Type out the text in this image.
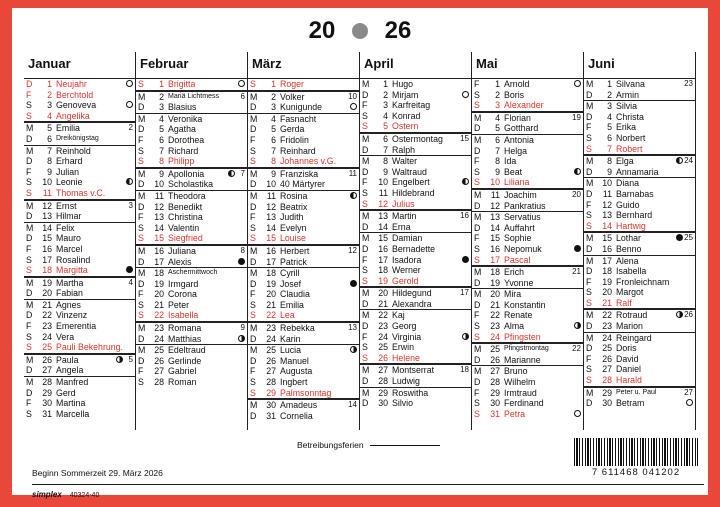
20 26
Januar
D	1 Neujahr
F	2 Berchtold
S	3 Genoveva
S	4 Angelika
M	5 Emilia	2
D	6 Dreikönigstag
M	7 Reinhold
D	8 Erhard
F	9 Julian
S	10 Leonie
S	11 Thomas v.C.
M	12 Ernst	3
D	13 Hilmar
M	14 Felix
D	15 Mauro
F	16 Marcel
S	17 Rosalind
S	18 Margitta
M	19 Martha	4
D	20 Fabian
M	21 Agnes
D	22 Vinzenz
F	23 Emerentia
S	24 Vera
S	25 Pauli Bekehrung.
M	26 Paula	5
D	27 Angela
M	28 Manfred
D	29 Gerd
F	30 Martina
S	31 Marcella
Februar
S	1 Brigitta
M	2 Mariä Lichtmess	6
D	3 Blasius
M	4 Veronika
D	5 Agatha
F	6 Dorothea
S	7 Richard
S	8 Philipp
M	9 Apollonia	7
D	10 Scholastika
M	11 Theodora
D	12 Benedikt
F	13 Christina
S	14 Valentin
S	15 Siegfried
M	16 Juliana	8
D	17 Alexis
M	18 Aschermittwoch
D	19 Irmgard
F	20 Corona
S	21 Peter
S	22 Isabella
M	23 Romana	9
D	24 Matthias
M	25 Edeltraud
D	26 Gerlinde
F	27 Gabriel
S	28 Roman
März
S	1 Roger
M	2 Volker	10
D	3 Kunigunde
M	4 Fasnacht
D	5 Gerda
F	6 Fridolin
S	7 Reinhard
S	8 Johannes v.G.
M	9 Franziska	11
D	10 40 Märtyrer
M	11 Rosina
D	12 Beatrix
F	13 Judith
S	14 Evelyn
S	15 Louise
M	16 Herbert	12
D	17 Patrick
M	18 Cyrill
D	19 Josef
F	20 Claudia
S	21 Emilia
S	22 Lea
M	23 Rebekka	13
D	24 Karin
M	25 Lucia
D	26 Manuel
F	27 Augusta
S	28 Ingbert
S	29 Palmsonntag
M	30 Amadeus	14
D	31 Cornelia
April
M	1 Hugo
D	2 Mirjam
F	3 Karfreitag
S	4 Konrad
S	5 Ostern
M	6 Ostermontag	15
D	7 Ralph
M	8 Walter
D	9 Waltraud
F	10 Engelbert
S	11 Hildebrand
S	12 Julius
M	13 Martin	16
D	14 Erna
M	15 Damian
D	16 Bernadette
F	17 Isadora
S	18 Werner
S	19 Gerold
M	20 Hildegund	17
D	21 Alexandra
M	22 Kaj
D	23 Georg
F	24 Virginia
S	25 Erwin
S	26 Helene
M	27 Montserrat	18
D	28 Ludwig
M	29 Roswitha
D	30 Silvio
Mai
F	1 Arnold
S	2 Boris
S	3 Alexander
M	4 Florian	19
D	5 Gotthard
M	6 Antonia
D	7 Helga
F	8 Ida
S	9 Beat
S	10 Liliana
M	11 Joachim	20
D	12 Pankratius
M	13 Servatius
D	14 Auffahrt
F	15 Sophie
S	16 Nepomuk
S	17 Pascal
M	18 Erich	21
D	19 Yvonne
M	20 Mira
D	21 Konstantin
F	22 Renate
S	23 Alma
S	24 Pfingsten
M	25 Pfingstmontag	22
D	26 Marianne
M	27 Bruno
D	28 Wilhelm
F	29 Irmtraud
S	30 Ferdinand
S	31 Petra
Juni
M	1 Silvana	23
D	2 Armin
M	3 Silvia
D	4 Christa
F	5 Erika
S	6 Norbert
S	7 Robert
M	8 Elga	24
D	9 Annamaria
M	10 Diana
D	11 Barnabas
F	12 Guido
S	13 Bernhard
S	14 Hartwig
M	15 Lothar	25
D	16 Benno
M	17 Alena
D	18 Isabella
F	19 Fronleichnam
S	20 Margot
S	21 Ralf
M	22 Rotraud	26
D	23 Marion
M	24 Reingard
D	25 Doris
F	26 David
S	27 Daniel
S	28 Harald
M	29 Peter u. Paul	27
D	30 Betram
Betreibungsferien
Beginn Sommerzeit 29. März 2026
simplex 40324-40
7 611468 041202
